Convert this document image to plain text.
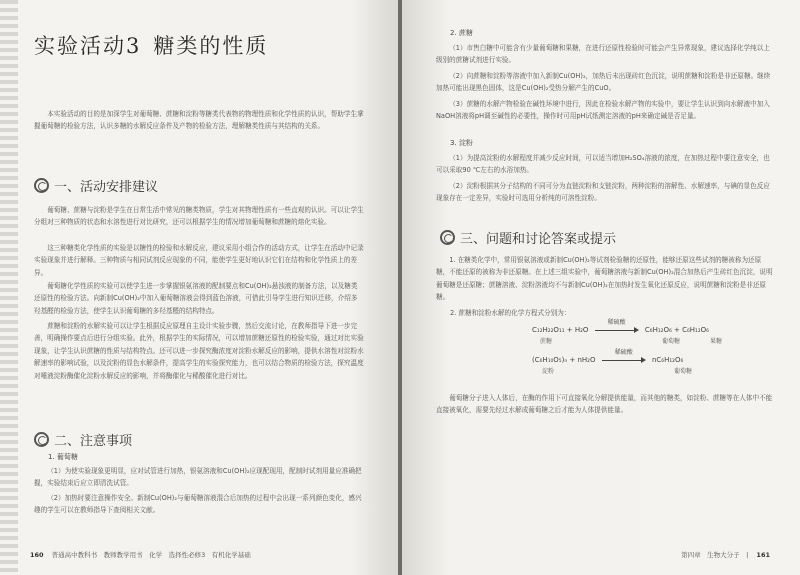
实验活动3 糖类的性质

本实验活动的目的是加深学生对葡萄糖、蔗糖和淀粉等糖类代表物的物理性质和化学性质的认识，帮助学生掌握葡萄糖的检验方法，认识多糖的水解反应条件及产物的检验方法，理解糖类性质与其结构的关系。

一、活动安排建议

葡萄糖、蔗糖与淀粉是学生在日常生活中常见的糖类物质，学生对其物理性质有一些直观的认识。可以让学生分组对三种物质的状态和水溶性进行对比研究，还可以根据学生的情况增加葡萄糖和蔗糖的熔化实验。

这三种糖类化学性质的实验是以糖性的检验和水解反应，建议采用小组合作的活动方式，让学生在活动中记录实验现象并进行解释。三种物质与相同试剂反应现象的不同，能使学生更好地认识它们在结构和化学性质上的差异。

葡萄糖化学性质的实验可以使学生进一步掌握银氨溶液的配制要点和Cu(OH)₂悬浊液的制备方法，以及糖类还原性的检验方法。向新制Cu(OH)₂中加入葡萄糖溶液会得到蓝色溶液，可借此引导学生进行知识迁移，介绍多羟基醛的检验方法，使学生认识葡萄糖的多羟基醛的结构特点。

蔗糖和淀粉的水解实验可以让学生根据反应原理自主设计实验步骤，然后交流讨论，在教师指导下进一步完善，明确操作要点后进行分组实验。此外，根据学生的实际情况，可以增加蔗糖还原性的检验实验，通过对比实验现象，让学生认识蔗糖的性质与结构特点。还可以进一步探究酶浓度对淀粉水解反应的影响，提供水溶性对淀粉水解速率的影响试验，以及淀粉的显色水解条件，提高学生的实验探究能力，也可以结合物质的检验方法，探究温度对唾液淀粉酶催化淀粉水解反应的影响，并将酶催化与稀酸催化进行对比。

二、注意事项
1. 葡萄糖

（1）为使实验现象更明显，应对试管进行加热，银氨溶液和Cu(OH)₂应现配现用，配制时试剂用量应准确把握，实验结束后应立即清洗试管。

（2）加热时要注意操作安全。新制Cu(OH)₂与葡萄糖溶液混合后加热的过程中会出现一系列颜色变化，感兴趣的学生可以在教师指导下查阅相关文献。

160 普通高中教科书　教师教学用书　化学　选择性必修3　有机化学基础
2. 蔗糖

（1）市售白糖中可能含有少量葡萄糖和果糖，在进行还原性检验时可能会产生异常现象，建议选择化学纯以上级别的蔗糖试剂进行实验。

（2）向蔗糖和淀粉等溶液中加入新制Cu(OH)₂，加热后未出现砖红色沉淀，说明蔗糖和淀粉是非还原糖。继续加热可能出现黑色固体，这是Cu(OH)₂受热分解产生的CuO。

（3）蔗糖的水解产物检验在碱性环境中进行，因此在检验水解产物的实验中，要让学生认识到向水解液中加入NaOH溶液将pH调至碱性的必要性，操作时可用pH试纸测定溶液的pH来确定碱是否足量。

3. 淀粉

（1）为提高淀粉的水解程度并减少反应时间，可以适当增加H₂SO₄溶液的浓度，在加热过程中要注意安全，也可以采取90 ℃左右的水浴加热。

（2）淀粉根据其分子结构的不同可分为直链淀粉和支链淀粉，两种淀粉的溶解性、水解速率，与碘的显色反应现象存在一定差异，实验时可选用分析纯的可溶性淀粉。

三、问题和讨论答案或提示

1. 在糖类化学中，常用银氨溶液或新制Cu(OH)₂等试剂检验糖的还原性，能够还原这些试剂的糖被称为还原糖，不能还原的被称为非还原糖。在上述三组实验中，葡萄糖溶液与新制Cu(OH)₂混合加热后产生砖红色沉淀，说明葡萄糖是还原糖；蔗糖溶液、淀粉溶液均不与新制Cu(OH)₂在加热时发生氧化还原反应，说明蔗糖和淀粉是非还原糖。

2. 蔗糖和淀粉水解的化学方程式分别为：

C₁₂H₂₂O₁₁ + H₂O
稀硫酸
C₆H₁₂O₆ + C₆H₁₂O₆
蔗糖	葡萄糖	果糖
(C₆H₁₀O₅)ₙ + nH₂O
稀硫酸
nC₆H₁₂O₆
淀粉	葡萄糖

葡萄糖分子进入人体后，在酶的作用下可直接氧化分解提供能量，而其他的糖类，如淀粉、蔗糖等在人体中不能直接被氧化，需要先经过水解成葡萄糖之后才能为人体提供能量。

第四章　生物大分子　| 161
